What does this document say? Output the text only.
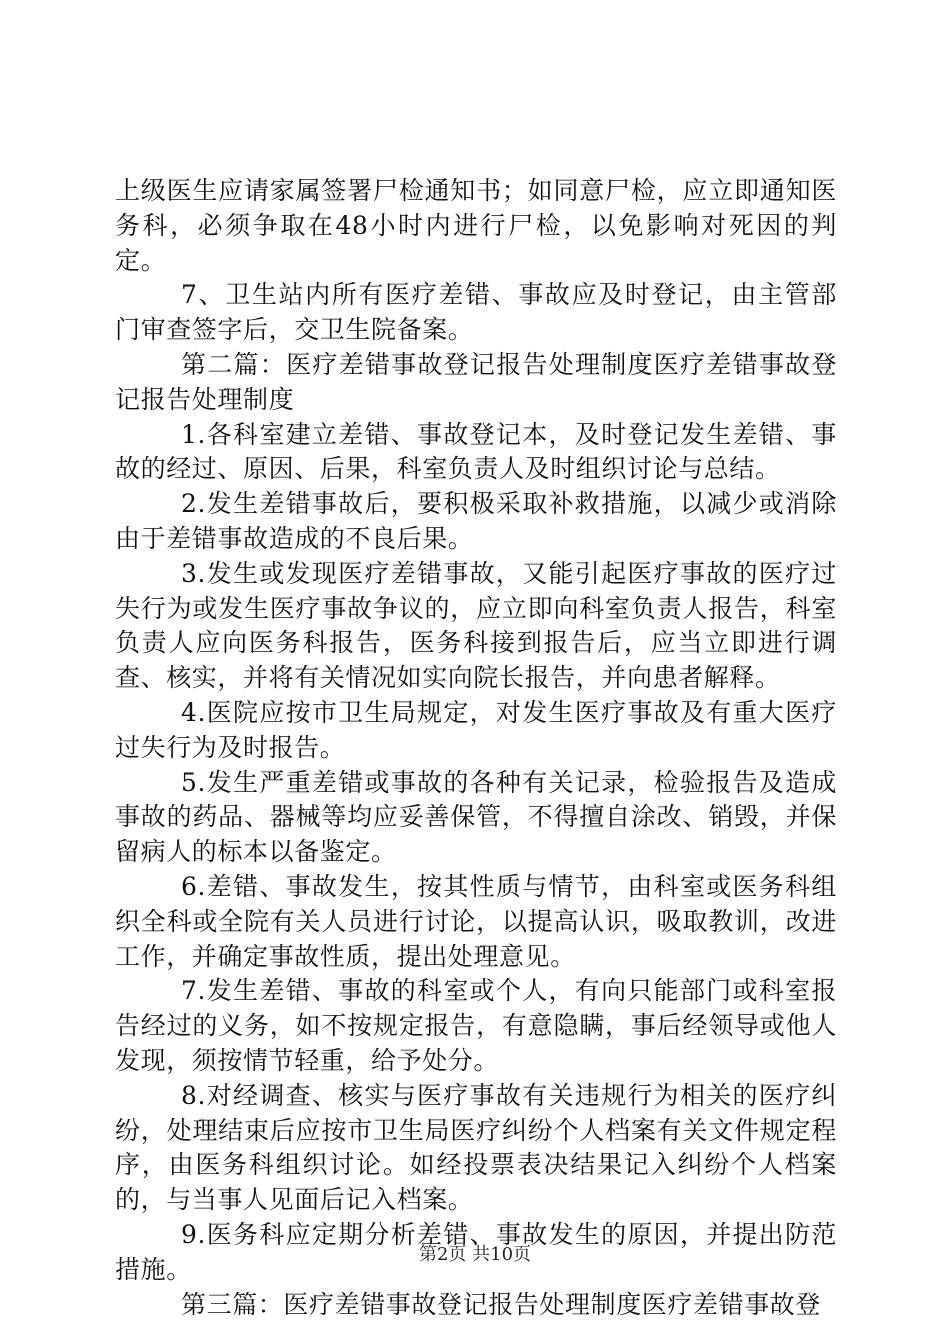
上级医生应请家属签署尸检通知书；如同意尸检，应立即通知医务科，必须争取在48小时内进行尸检，以免影响对死因的判定。

7、卫生站内所有医疗差错、事故应及时登记，由主管部门审查签字后，交卫生院备案。

第二篇：医疗差错事故登记报告处理制度医疗差错事故登记报告处理制度

1.各科室建立差错、事故登记本，及时登记发生差错、事故的经过、原因、后果，科室负责人及时组织讨论与总结。

2.发生差错事故后，要积极采取补救措施，以减少或消除由于差错事故造成的不良后果。

3.发生或发现医疗差错事故，又能引起医疗事故的医疗过失行为或发生医疗事故争议的，应立即向科室负责人报告，科室负责人应向医务科报告，医务科接到报告后，应当立即进行调查、核实，并将有关情况如实向院长报告，并向患者解释。

4.医院应按市卫生局规定，对发生医疗事故及有重大医疗过失行为及时报告。

5.发生严重差错或事故的各种有关记录，检验报告及造成事故的药品、器械等均应妥善保管，不得擅自涂改、销毁，并保留病人的标本以备鉴定。

6.差错、事故发生，按其性质与情节，由科室或医务科组织全科或全院有关人员进行讨论，以提高认识，吸取教训，改进工作，并确定事故性质，提出处理意见。

7.发生差错、事故的科室或个人，有向只能部门或科室报告经过的义务，如不按规定报告，有意隐瞒，事后经领导或他人发现，须按情节轻重，给予处分。

8.对经调查、核实与医疗事故有关违规行为相关的医疗纠纷，处理结束后应按市卫生局医疗纠纷个人档案有关文件规定程序，由医务科组织讨论。如经投票表决结果记入纠纷个人档案的，与当事人见面后记入档案。

9.医务科应定期分析差错、事故发生的原因，并提出防范措施。

第三篇：医疗差错事故登记报告处理制度医疗差错事故登

第2页 共10页
